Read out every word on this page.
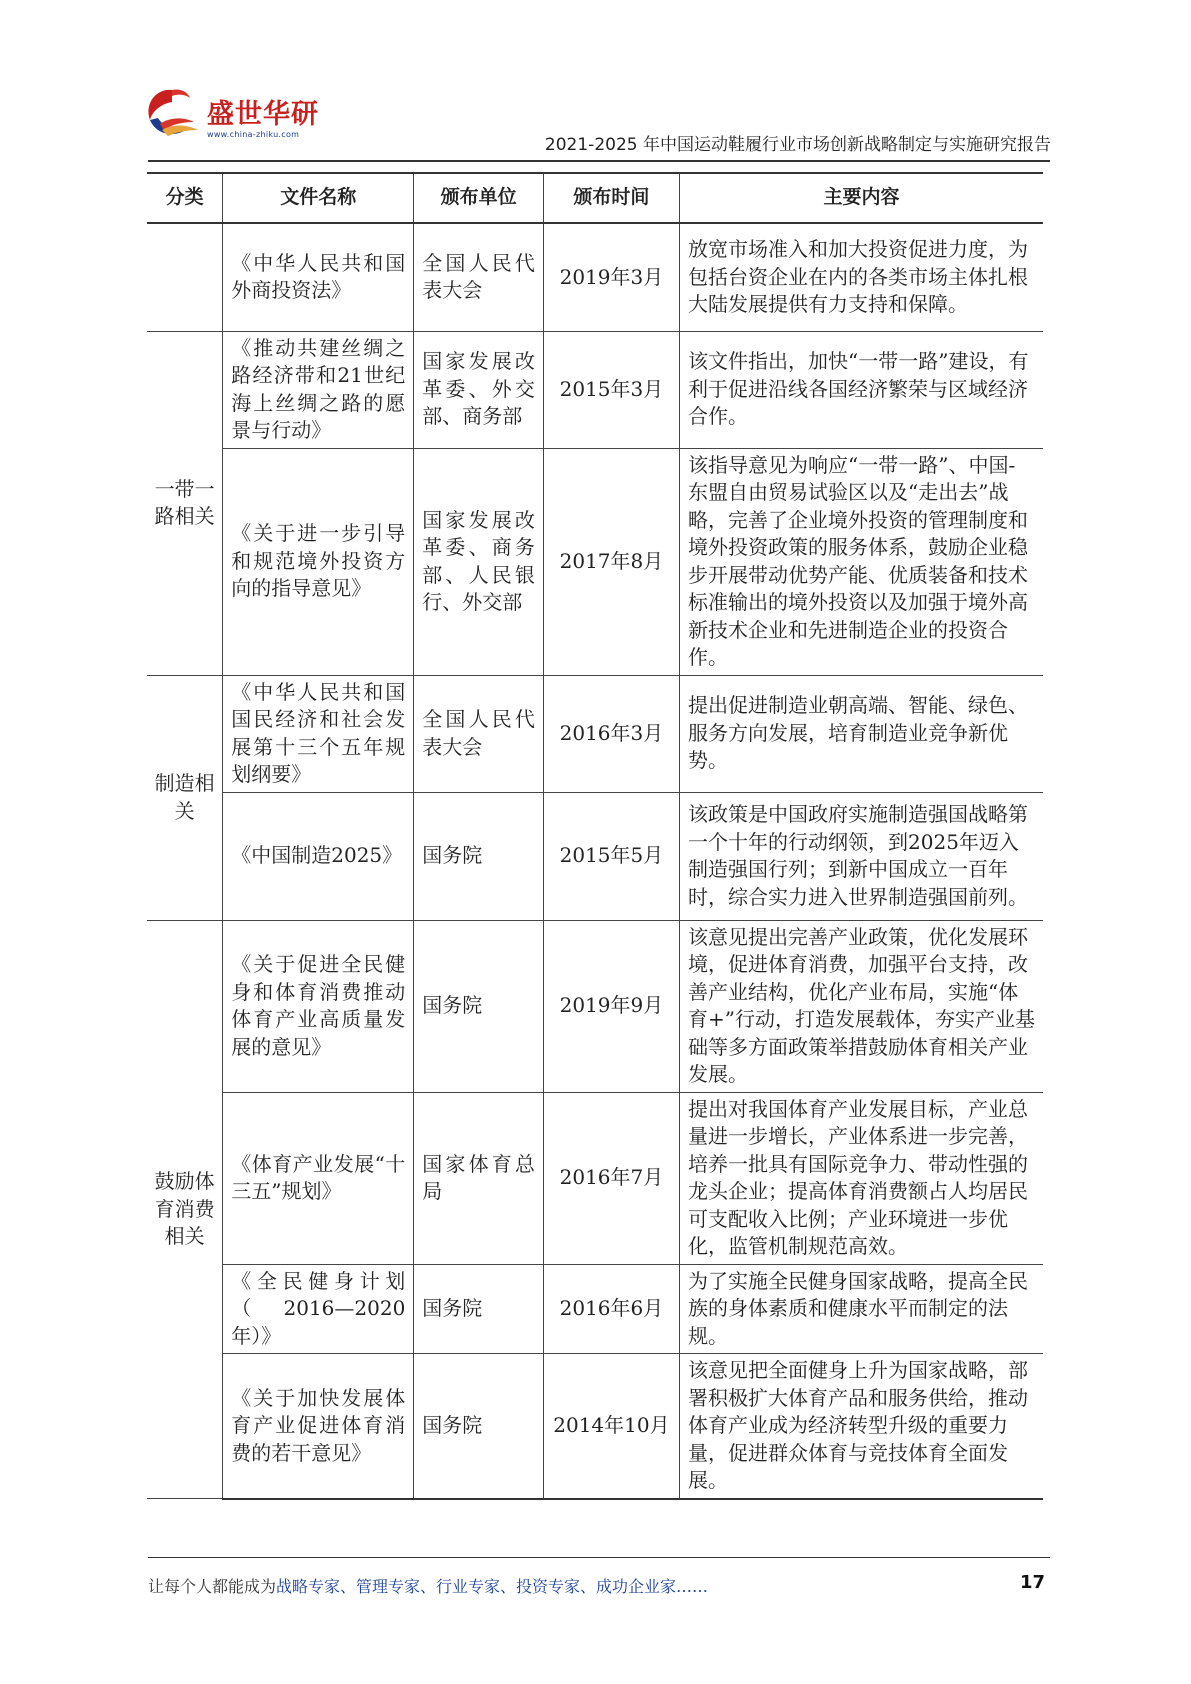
盛世华研
www.china-zhiku.com
2021-2025 年中国运动鞋履行业市场创新战略制定与实施研究报告
分类	文件名称	颁布单位	颁布时间	主要内容
	《中华人民共和国外商投资法》	全国人民代表大会	2019年3月	放宽市场准入和加大投资促进力度，为包括台资企业在内的各类市场主体扎根大陆发展提供有力支持和保障。
一带一路相关	《推动共建丝绸之路经济带和21世纪海上丝绸之路的愿景与行动》	国家发展改革委、外交部、商务部	2015年3月	该文件指出，加快“一带一路”建设，有利于促进沿线各国经济繁荣与区域经济合作。
	《关于进一步引导和规范境外投资方向的指导意见》	国家发展改革委、商务部、人民银行、外交部	2017年8月	该指导意见为响应“一带一路”、中国-东盟自由贸易试验区以及“走出去”战略，完善了企业境外投资的管理制度和境外投资政策的服务体系，鼓励企业稳步开展带动优势产能、优质装备和技术标准输出的境外投资以及加强于境外高新技术企业和先进制造企业的投资合作。
制造相关	《中华人民共和国国民经济和社会发展第十三个五年规划纲要》	全国人民代表大会	2016年3月	提出促进制造业朝高端、智能、绿色、服务方向发展，培育制造业竞争新优势。
	《中国制造2025》	国务院	2015年5月	该政策是中国政府实施制造强国战略第一个十年的行动纲领，到2025年迈入制造强国行列；到新中国成立一百年时，综合实力进入世界制造强国前列。
鼓励体育消费相关	《关于促进全民健身和体育消费推动体育产业高质量发展的意见》	国务院	2019年9月	该意见提出完善产业政策，优化发展环境，促进体育消费，加强平台支持，改善产业结构，优化产业布局，实施“体育+”行动，打造发展载体，夯实产业基础等多方面政策举措鼓励体育相关产业发展。
	《体育产业发展“十三五”规划》	国家体育总局	2016年7月	提出对我国体育产业发展目标，产业总量进一步增长，产业体系进一步完善，培养一批具有国际竞争力、带动性强的龙头企业；提高体育消费额占人均居民可支配收入比例；产业环境进一步优化，监管机制规范高效。
	《全民健身计划（2016—2020年）》	国务院	2016年6月	为了实施全民健身国家战略，提高全民族的身体素质和健康水平而制定的法规。
	《关于加快发展体育产业促进体育消费的若干意见》	国务院	2014年10月	该意见把全面健身上升为国家战略，部署积极扩大体育产品和服务供给，推动体育产业成为经济转型升级的重要力量，促进群众体育与竞技体育全面发展。
让每个人都能成为战略专家、管理专家、行业专家、投资专家、成功企业家……	17
